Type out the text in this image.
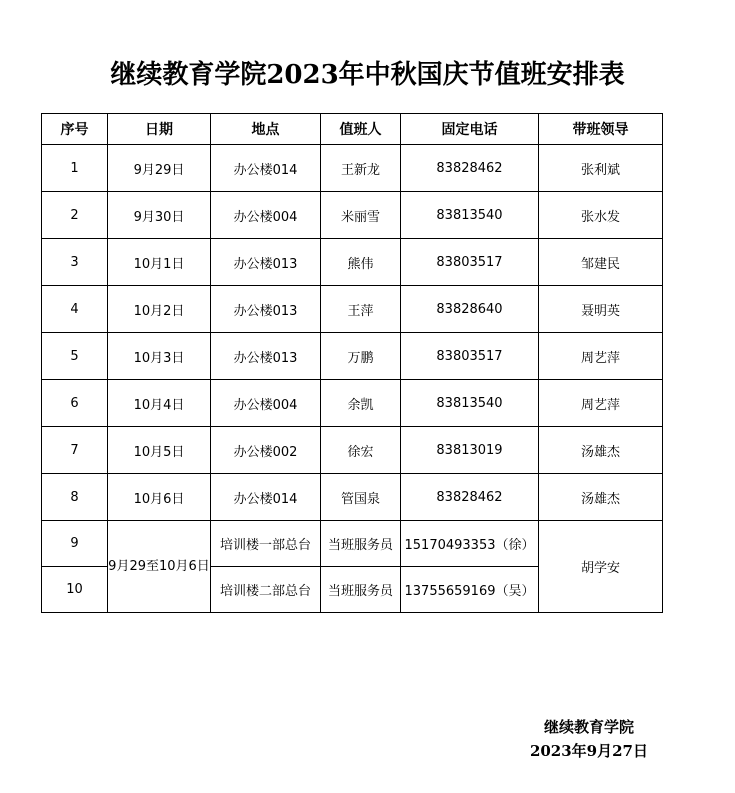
继续教育学院2023年中秋国庆节值班安排表
序号	日期	地点	值班人	固定电话	带班领导
1	9月29日	办公楼014	王新龙	83828462	张利斌
2	9月30日	办公楼004	米丽雪	83813540	张水发
3	10月1日	办公楼013	熊伟	83803517	邹建民
4	10月2日	办公楼013	王萍	83828640	聂明英
5	10月3日	办公楼013	万鹏	83803517	周艺萍
6	10月4日	办公楼004	余凯	83813540	周艺萍
7	10月5日	办公楼002	徐宏	83813019	汤雄杰
8	10月6日	办公楼014	管国泉	83828462	汤雄杰
9	9月29至10月6日	培训楼一部总台	当班服务员	15170493353（徐）	胡学安
10		培训楼二部总台	当班服务员	13755659169（吴）	
继续教育学院
2023年9月27日
